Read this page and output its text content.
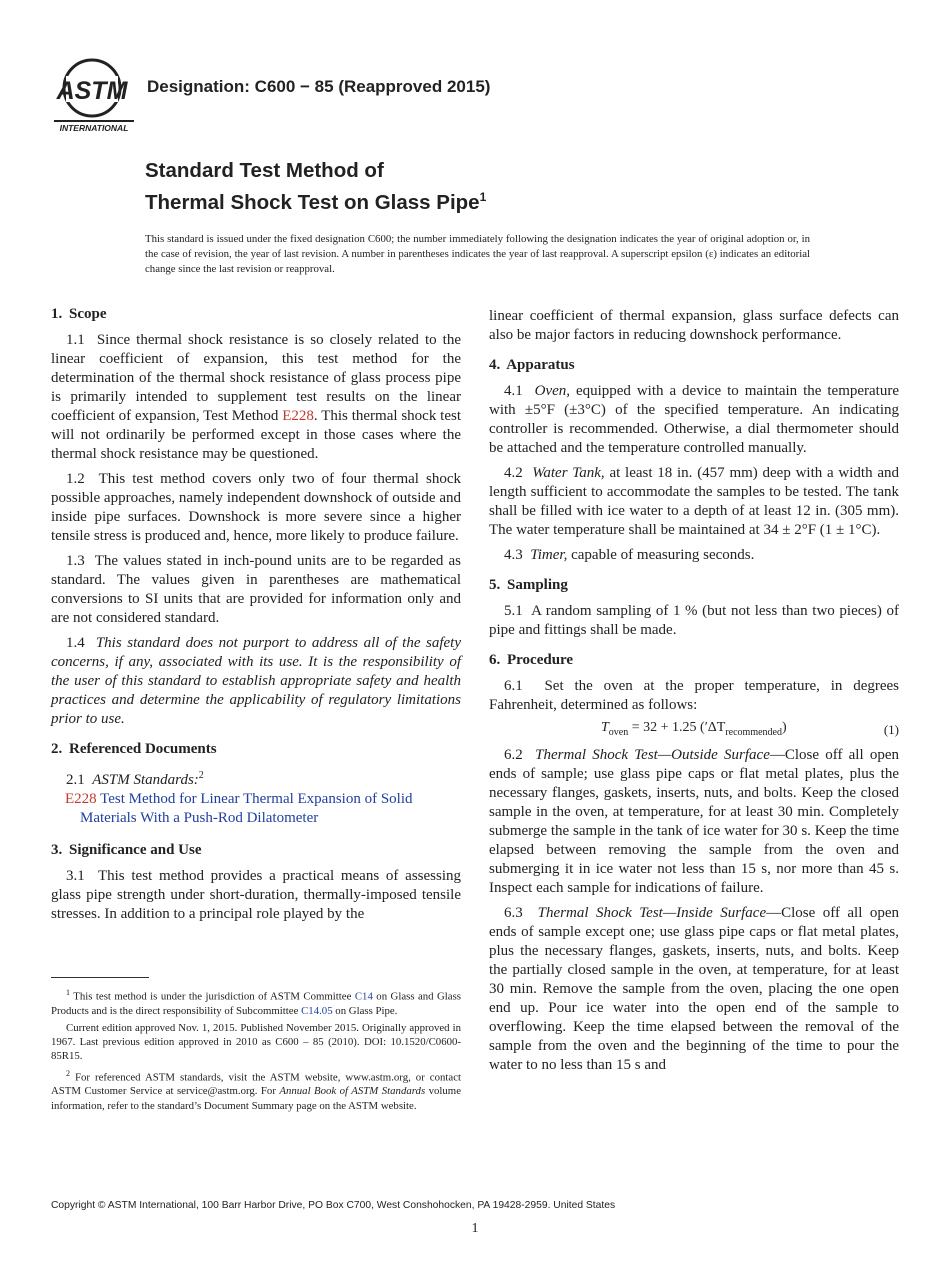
ASTM
INTERNATIONAL
Designation: C600 − 85 (Reapproved 2015)
Standard Test Method of
Thermal Shock Test on Glass Pipe$^1$
This standard is issued under the fixed designation C600; the number immediately following the designation indicates the year of original adoption or, in the case of revision, the year of last revision. A number in parentheses indicates the year of last reapproval. A superscript epsilon (ε) indicates an editorial change since the last revision or reapproval.
1. Scope

1.1 Since thermal shock resistance is so closely related to the linear coefficient of expansion, this test method for the determination of the thermal shock resistance of glass process pipe is primarily intended to supplement test results on the linear coefficient of expansion, Test Method E228. This thermal shock test will not ordinarily be performed except in those cases where the thermal shock resistance may be questioned.

1.2 This test method covers only two of four thermal shock possible approaches, namely independent downshock of outside and inside pipe surfaces. Downshock is more severe since a higher tensile stress is produced and, hence, more likely to produce failure.

1.3 The values stated in inch-pound units are to be regarded as standard. The values given in parentheses are mathematical conversions to SI units that are provided for information only and are not considered standard.

1.4 This standard does not purport to address all of the safety concerns, if any, associated with its use. It is the responsibility of the user of this standard to establish appropriate safety and health practices and determine the applicability of regulatory limitations prior to use.

2. Referenced Documents

2.1 ASTM Standards:$^2$

E228 Test Method for Linear Thermal Expansion of Solid Materials With a Push-Rod Dilatometer
3. Significance and Use

3.1 This test method provides a practical means of assessing glass pipe strength under short-duration, thermally-imposed tensile stresses. In addition to a principal role played by the

linear coefficient of thermal expansion, glass surface defects can also be major factors in reducing downshock performance.

4. Apparatus

4.1 Oven, equipped with a device to maintain the temperature with ±5°F (±3°C) of the specified temperature. An indicating controller is recommended. Otherwise, a dial thermometer should be attached and the temperature controlled manually.

4.2 Water Tank, at least 18 in. (457 mm) deep with a width and length sufficient to accommodate the samples to be tested. The tank shall be filled with ice water to a depth of at least 12 in. (305 mm). The water temperature shall be maintained at 34 ± 2°F (1 ± 1°C).

4.3 Timer, capable of measuring seconds.

5. Sampling

5.1 A random sampling of 1 % (but not less than two pieces) of pipe and fittings shall be made.

6. Procedure

6.1 Set the oven at the proper temperature, in degrees Fahrenheit, determined as follows:

$T_{oven} = 32 + 1.25$ $('\Delta T_{recommended})$	(1)

6.2 Thermal Shock Test—Outside Surface—Close off all open ends of sample; use glass pipe caps or flat metal plates, plus the necessary flanges, gaskets, inserts, nuts, and bolts. Keep the closed sample in the oven, at temperature, for at least 30 min. Completely submerge the sample in the tank of ice water for 30 s. Keep the time elapsed between removing the sample from the oven and submerging it in ice water not less than 15 s, nor more than 45 s. Inspect each sample for indications of failure.

6.3 Thermal Shock Test—Inside Surface—Close off all open ends of sample except one; use glass pipe caps or flat metal plates, plus the necessary flanges, gaskets, inserts, nuts, and bolts. Keep the partially closed sample in the oven, at temperature, for at least 30 min. Remove the sample from the oven, placing the one open end up. Pour ice water into the open end of the sample to overflowing. Keep the time elapsed between the removal of the sample from the oven and the beginning of the time to pour the water to no less than 15 s and

$^1$ This test method is under the jurisdiction of ASTM Committee C14 on Glass and Glass Products and is the direct responsibility of Subcommittee C14.05 on Glass Pipe.

Current edition approved Nov. 1, 2015. Published November 2015. Originally approved in 1967. Last previous edition approved in 2010 as C600 – 85 (2010). DOI: 10.1520/C0600-85R15.

$^2$ For referenced ASTM standards, visit the ASTM website, www.astm.org, or contact ASTM Customer Service at service@astm.org. For Annual Book of ASTM Standards volume information, refer to the standard’s Document Summary page on the ASTM website.

Copyright © ASTM International, 100 Barr Harbor Drive, PO Box C700, West Conshohocken, PA 19428-2959. United States
1
